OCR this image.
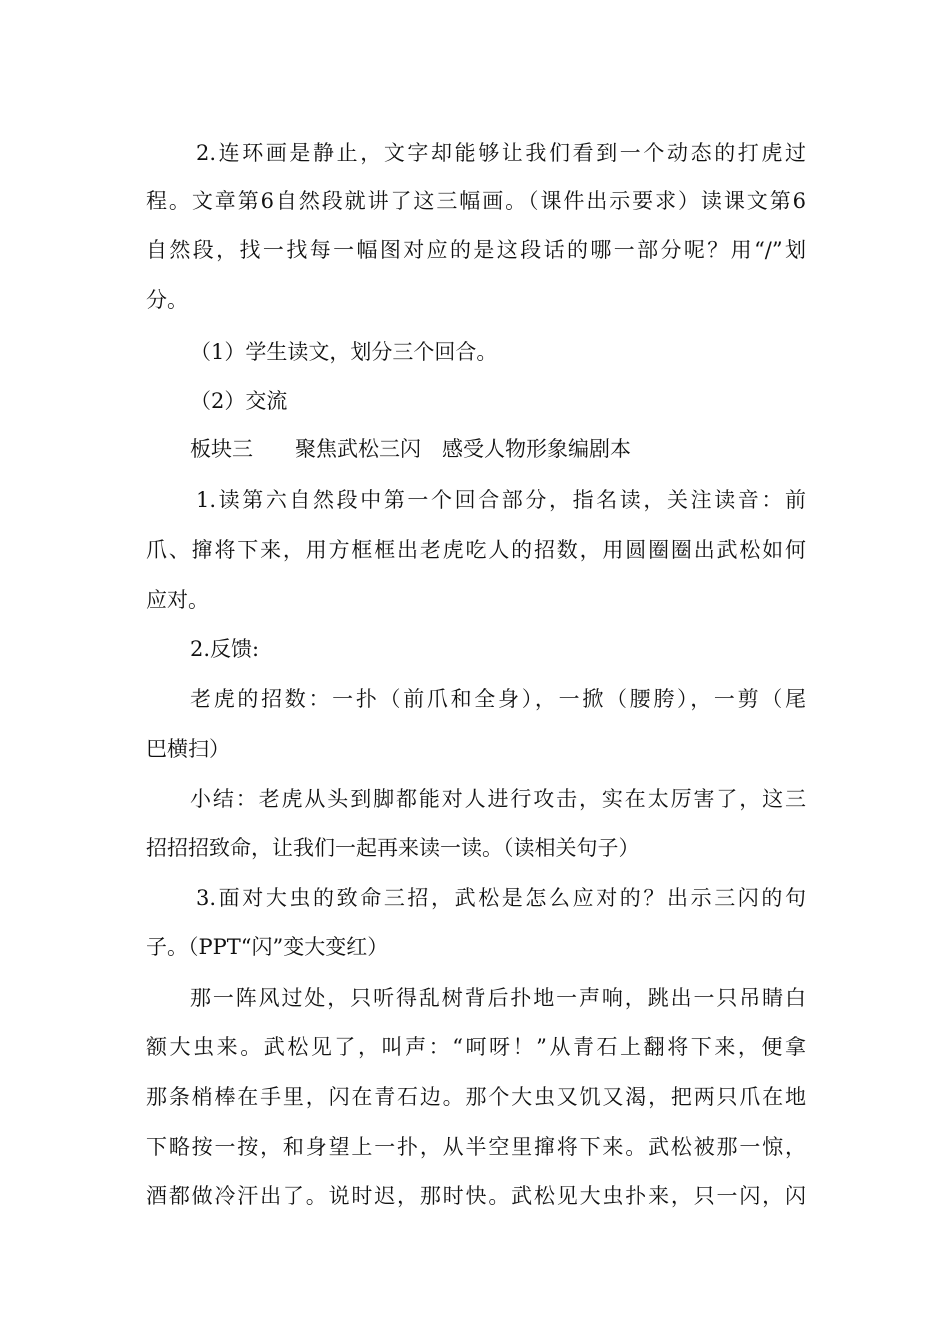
2.连环画是静止，文字却能够让我们看到一个动态的打虎过
程。文章第6自然段就讲了这三幅画。（课件出示要求）读课文第6
自然段，找一找每一幅图对应的是这段话的哪一部分呢？用“/”划
分。
（1）学生读文，划分三个回合。
（2）交流
板块三　　聚焦武松三闪　感受人物形象编剧本
1.读第六自然段中第一个回合部分，指名读，关注读音：前
爪、撺将下来，用方框框出老虎吃人的招数，用圆圈圈出武松如何
应对。
2.反馈:
老虎的招数：一扑（前爪和全身），一掀（腰胯），一剪（尾
巴横扫）
小结：老虎从头到脚都能对人进行攻击，实在太厉害了，这三
招招招致命，让我们一起再来读一读。（读相关句子）
3.面对大虫的致命三招，武松是怎么应对的？出示三闪的句
子。（PPT“闪”变大变红）
那一阵风过处，只听得乱树背后扑地一声响，跳出一只吊睛白
额大虫来。武松见了，叫声：“呵呀！”从青石上翻将下来，便拿
那条梢棒在手里，闪在青石边。那个大虫又饥又渴，把两只爪在地
下略按一按，和身望上一扑，从半空里撺将下来。武松被那一惊，
酒都做冷汗出了。说时迟，那时快。武松见大虫扑来，只一闪，闪
